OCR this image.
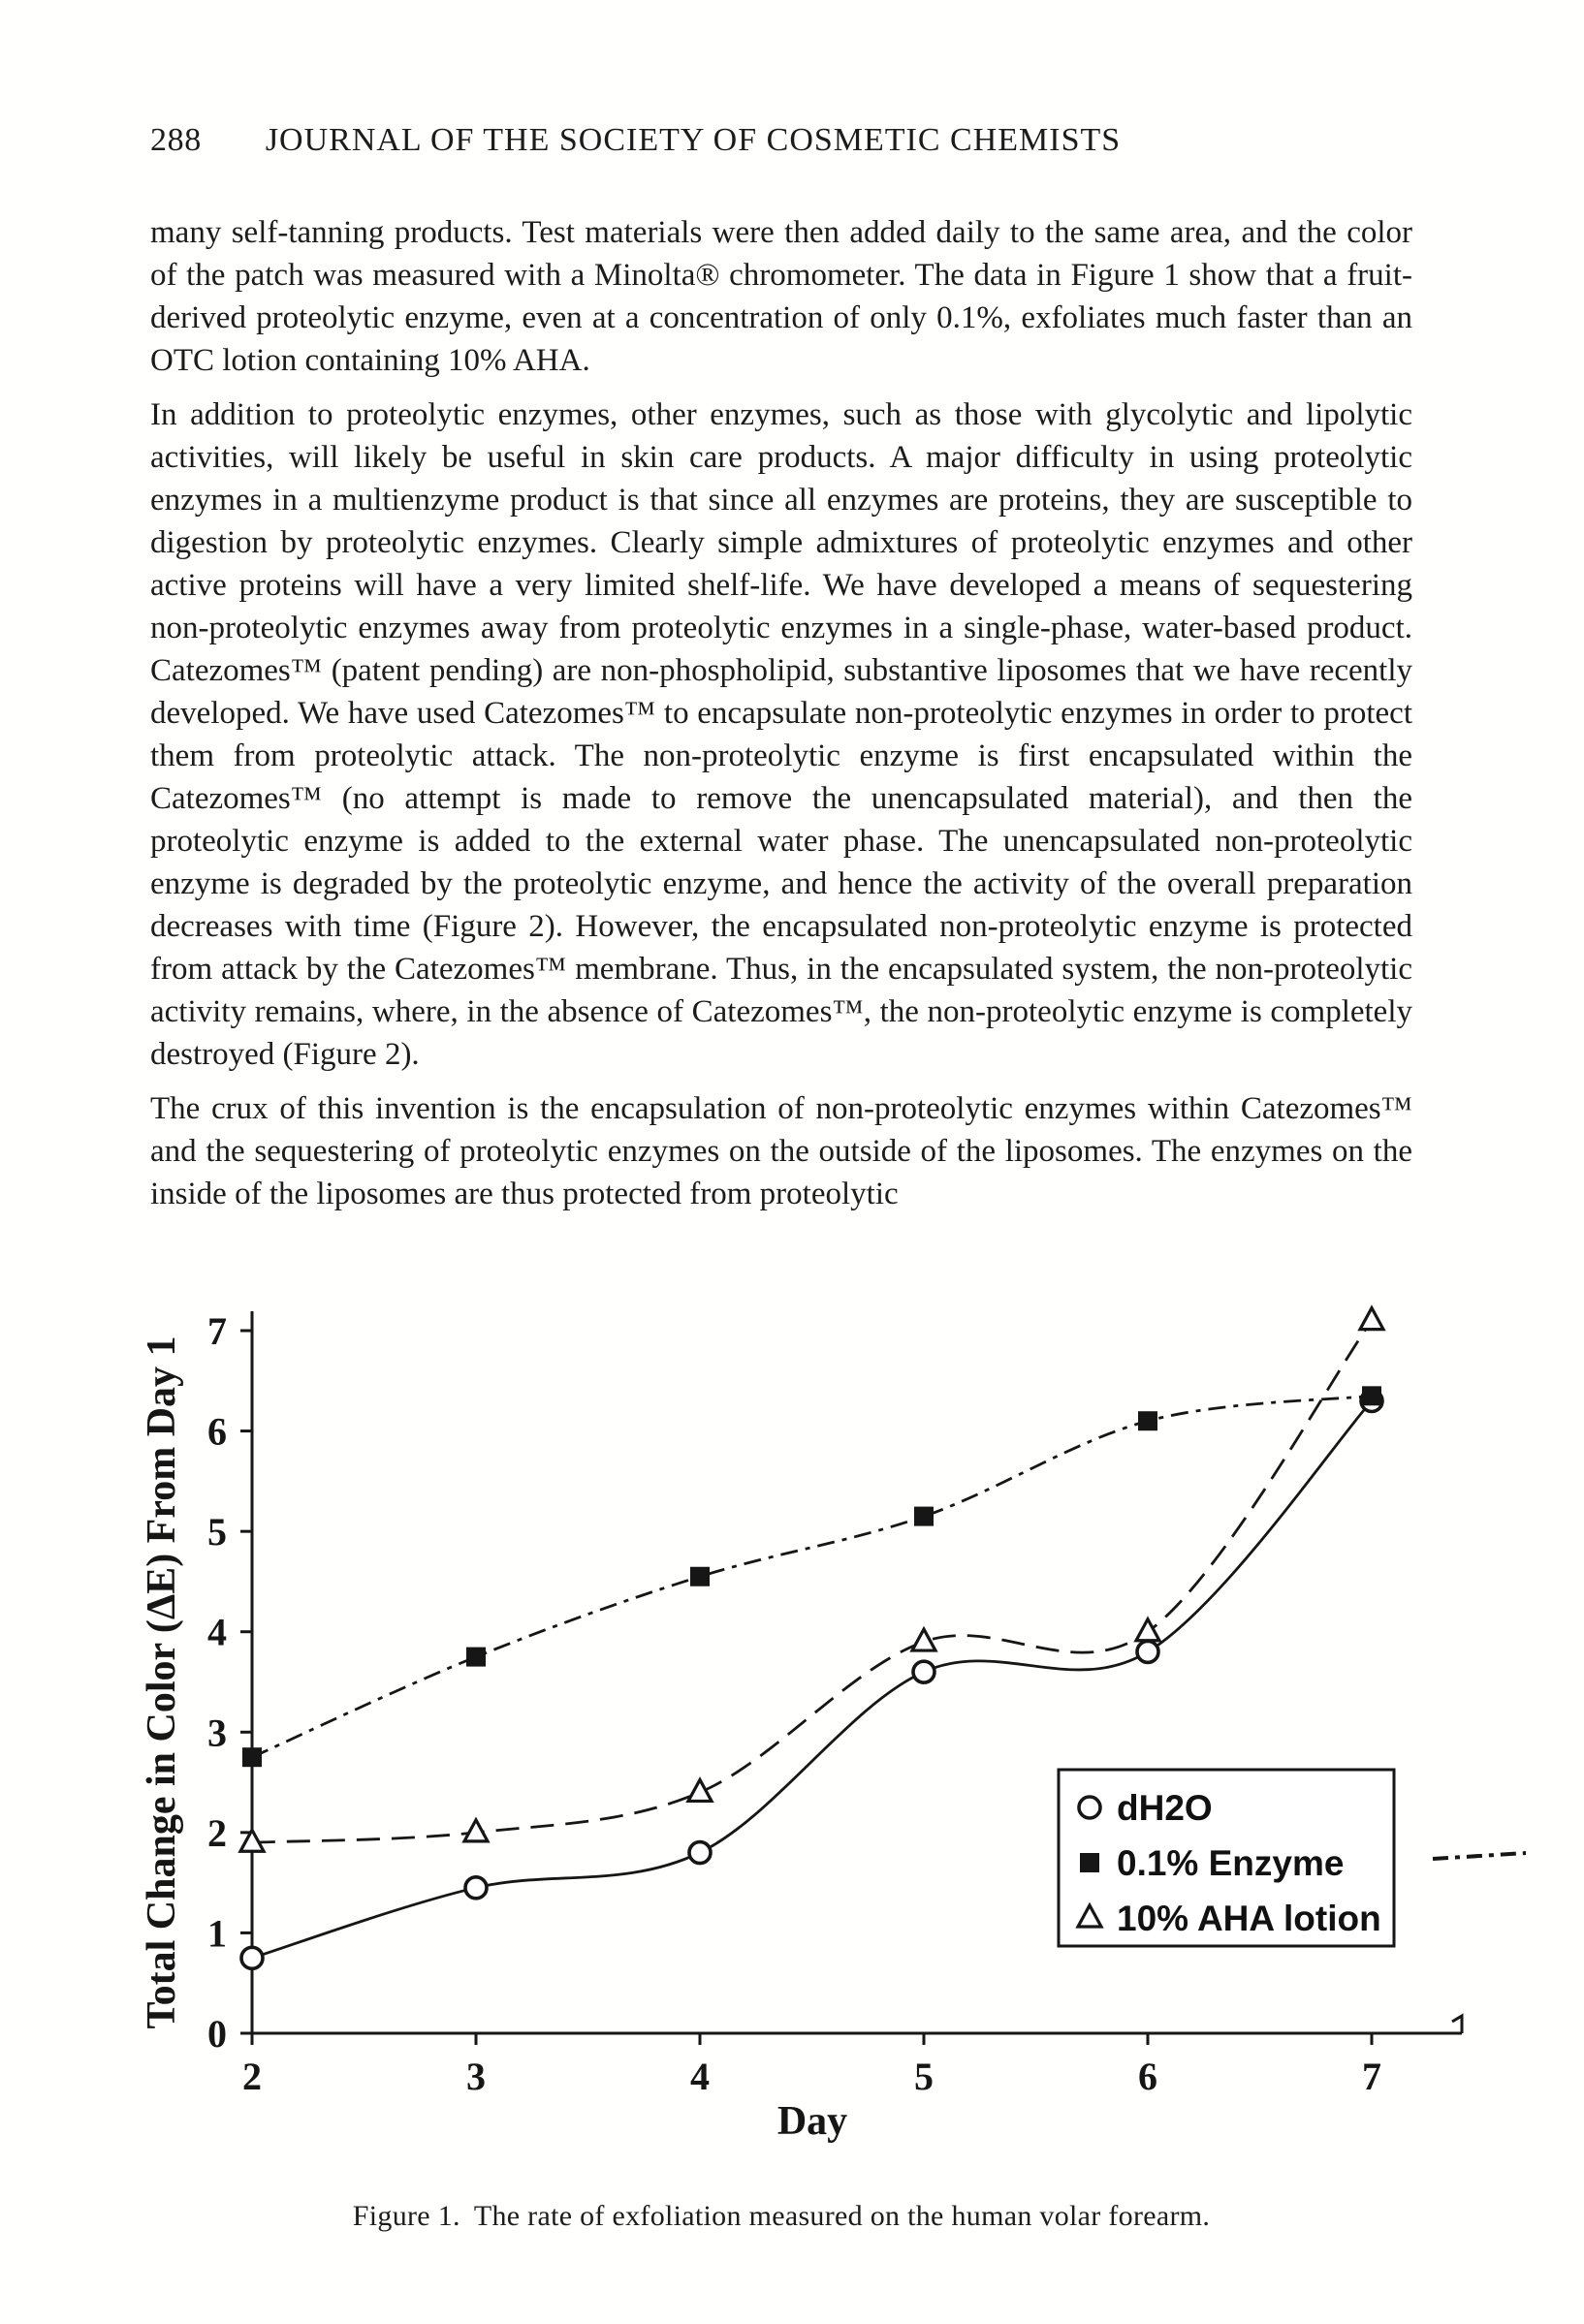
288 JOURNAL OF THE SOCIETY OF COSMETIC CHEMISTS

many self-tanning products. Test materials were then added daily to the same area, and the color of the patch was measured with a Minolta® chromometer. The data in Figure 1 show that a fruit-derived proteolytic enzyme, even at a concentration of only 0.1%, exfoliates much faster than an OTC lotion containing 10% AHA.

In addition to proteolytic enzymes, other enzymes, such as those with glycolytic and lipolytic activities, will likely be useful in skin care products. A major difficulty in using proteolytic enzymes in a multienzyme product is that since all enzymes are proteins, they are susceptible to digestion by proteolytic enzymes. Clearly simple admixtures of proteolytic enzymes and other active proteins will have a very limited shelf-life. We have developed a means of sequestering non-proteolytic enzymes away from proteolytic enzymes in a single-phase, water-based product. Catezomes™ (patent pending) are non-phospholipid, substantive liposomes that we have recently developed. We have used Catezomes™ to encapsulate non-proteolytic enzymes in order to protect them from proteolytic attack. The non-proteolytic enzyme is first encapsulated within the Catezomes™ (no attempt is made to remove the unencapsulated material), and then the proteolytic enzyme is added to the external water phase. The unencapsulated non-proteolytic enzyme is degraded by the proteolytic enzyme, and hence the activity of the overall preparation decreases with time (Figure 2). However, the encapsulated non-proteolytic enzyme is protected from attack by the Catezomes™ membrane. Thus, in the encapsulated system, the non-proteolytic activity remains, where, in the absence of Catezomes™, the non-proteolytic enzyme is completely destroyed (Figure 2).

The crux of this invention is the encapsulation of non-proteolytic enzymes within Catezomes™ and the sequestering of proteolytic enzymes on the outside of the liposomes. The enzymes on the inside of the liposomes are thus protected from proteolytic

Total Change in Color (ΔE) From Day 1
Day
0
1
2
3
4
5
6
7
2	3	4	5	6	7
dH2O
0.1% Enzyme
10% AHA lotion
Figure 1. The rate of exfoliation measured on the human volar forearm.
